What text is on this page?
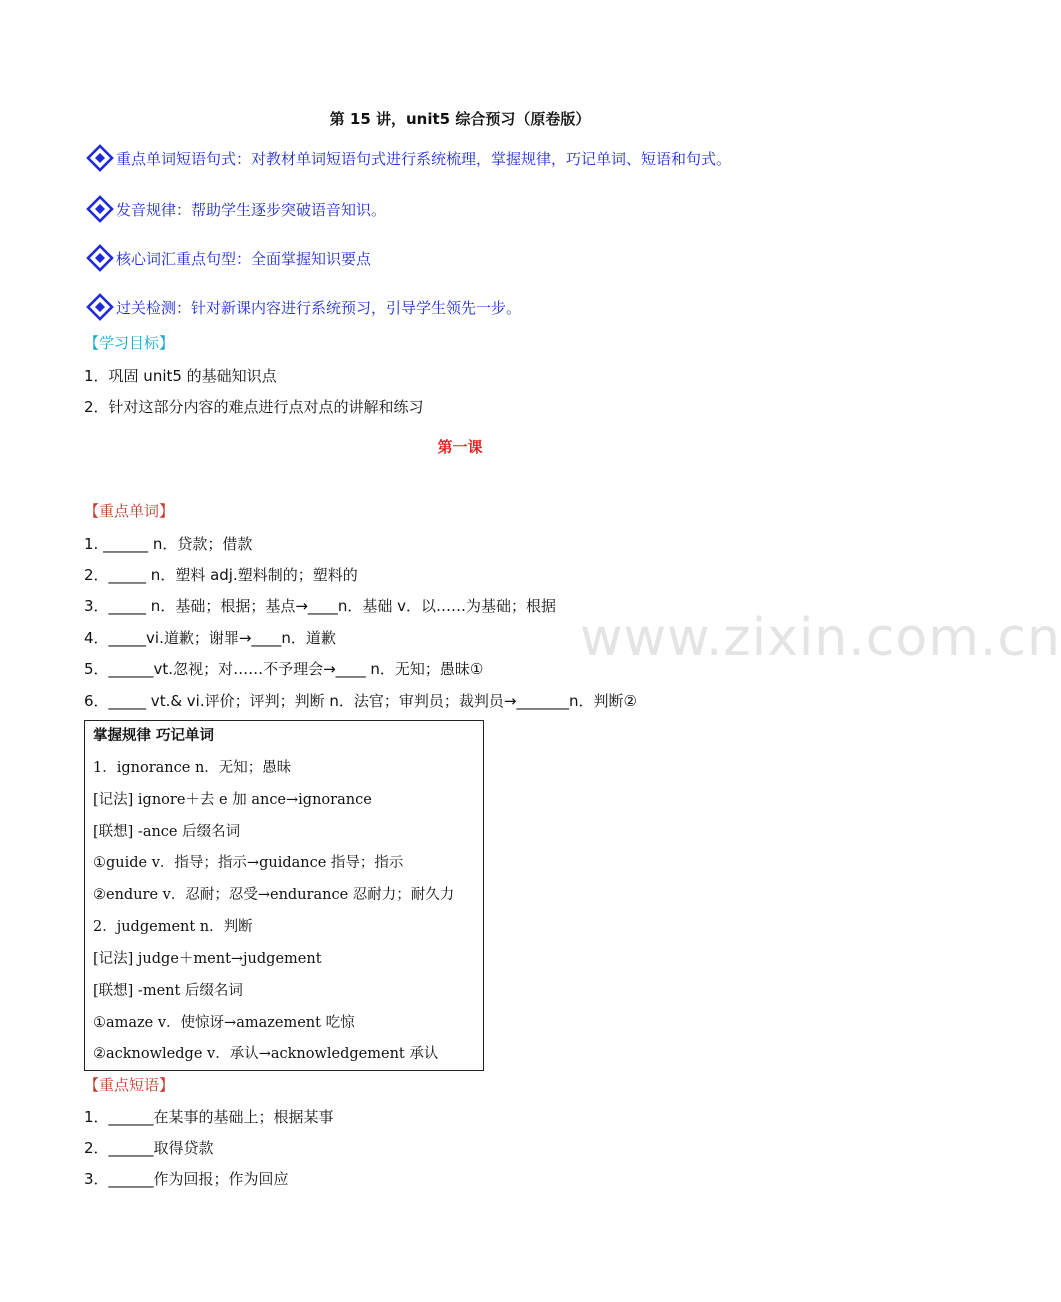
www.zixin.com.cn
第 15 讲，unit5 综合预习（原卷版）
重点单词短语句式：对教材单词短语句式进行系统梳理，掌握规律，巧记单词、短语和句式。
发音规律：帮助学生逐步突破语音知识。
核心词汇重点句型：全面掌握知识要点
过关检测：针对新课内容进行系统预习，引导学生领先一步。
【学习目标】
1．巩固 unit5 的基础知识点
2．针对这部分内容的难点进行点对点的讲解和练习
第一课
【重点单词】
1. ______ n．贷款；借款
2．_____ n．塑料 adj.塑料制的；塑料的
3．_____ n．基础；根据；基点→____n．基础 v．以……为基础；根据
4．_____vi.道歉；谢罪→____n．道歉
5．______vt.忽视；对……不予理会→____ n．无知；愚昧①
6．_____ vt.& vi.评价；评判；判断 n．法官；审判员；裁判员→_______n．判断②
掌握规律 巧记单词
1．ignorance n．无知；愚昧
[记法] ignore＋去 e 加 ance→ignorance
[联想] -ance 后缀名词
①guide v．指导；指示→guidance 指导；指示
②endure v．忍耐；忍受→endurance 忍耐力；耐久力
2．judgement n．判断
[记法] judge＋ment→judgement
[联想] -ment 后缀名词
①amaze v．使惊讶→amazement 吃惊
②acknowledge v．承认→acknowledgement 承认
【重点短语】
1．______在某事的基础上；根据某事
2．______取得贷款
3．______作为回报；作为回应
